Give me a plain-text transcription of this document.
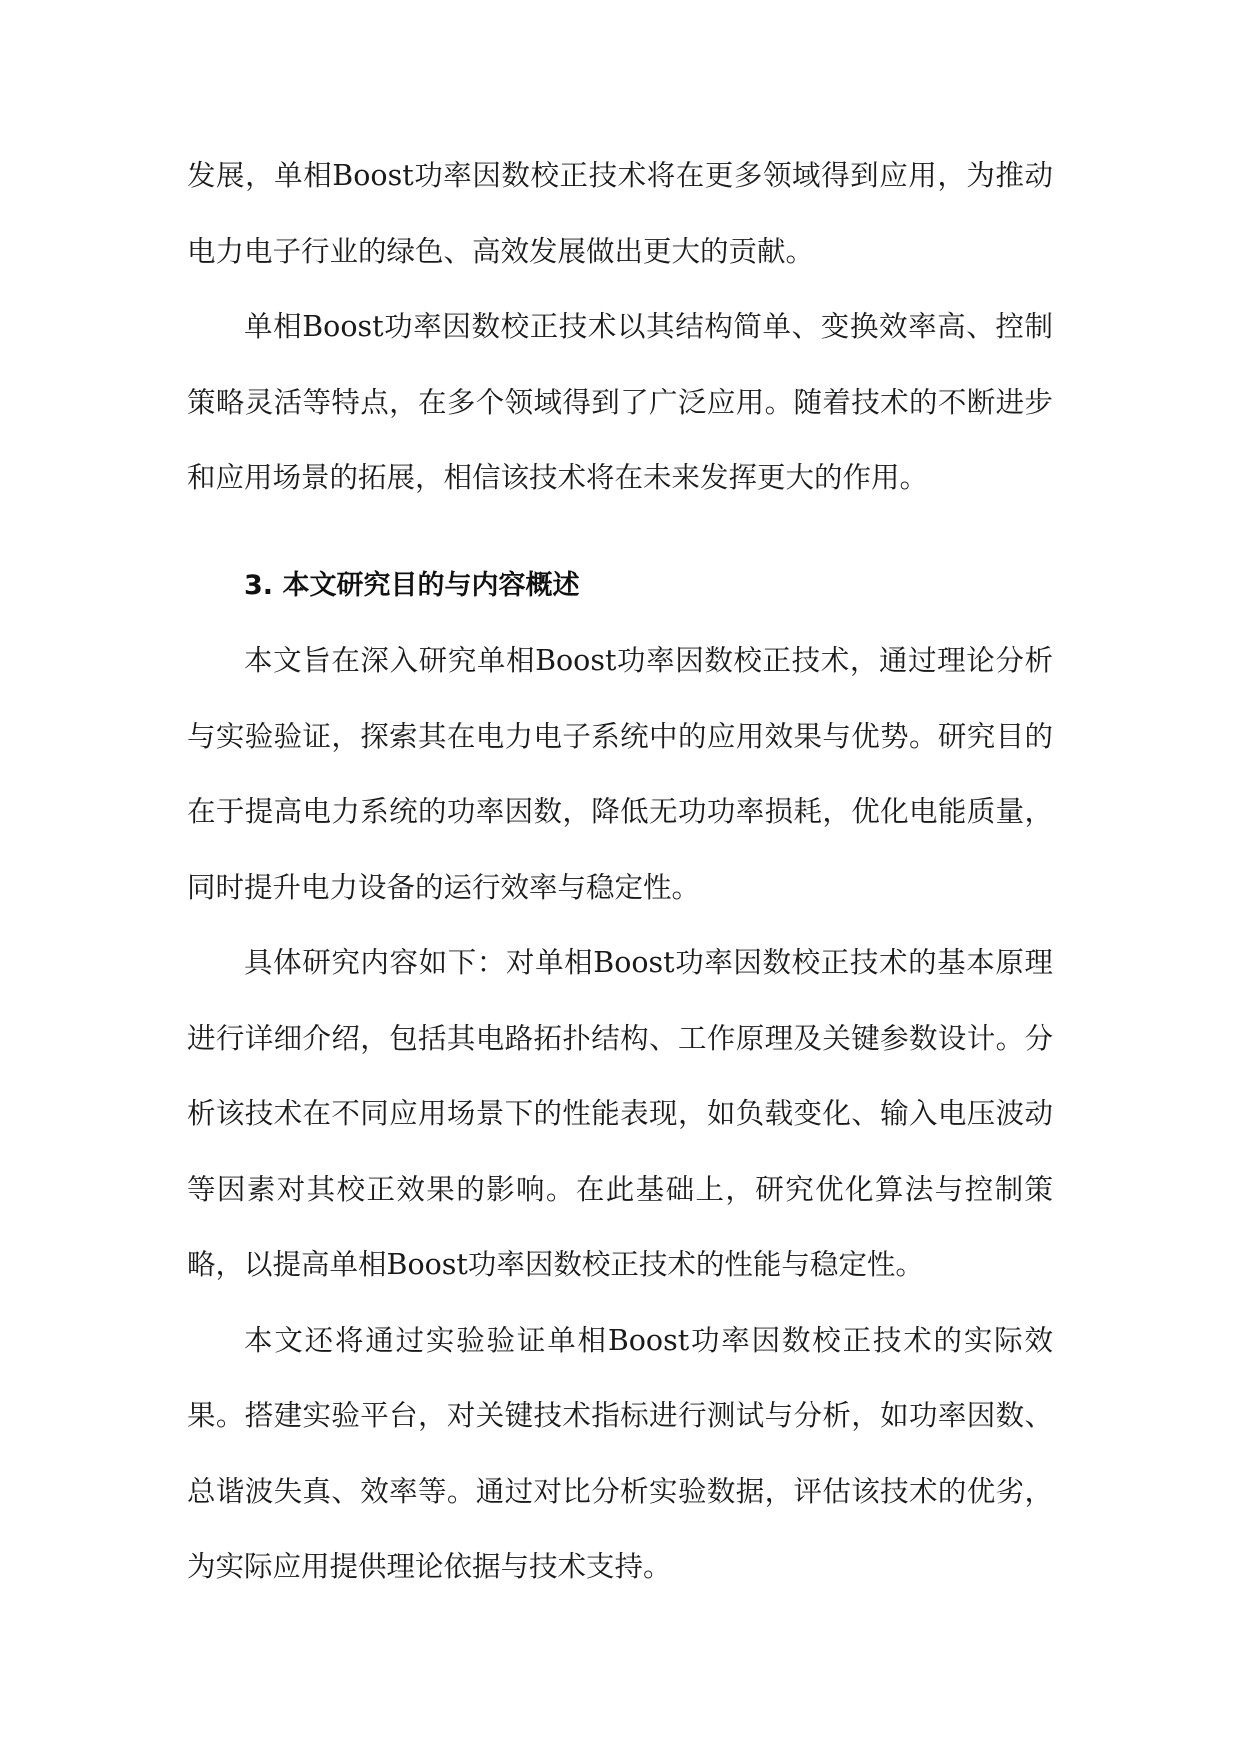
发展，单相Boost功率因数校正技术将在更多领域得到应用，为推动电力电子行业的绿色、高效发展做出更大的贡献。

单相Boost功率因数校正技术以其结构简单、变换效率高、控制策略灵活等特点，在多个领域得到了广泛应用。随着技术的不断进步和应用场景的拓展，相信该技术将在未来发挥更大的作用。

3. 本文研究目的与内容概述

本文旨在深入研究单相Boost功率因数校正技术，通过理论分析与实验验证，探索其在电力电子系统中的应用效果与优势。研究目的在于提高电力系统的功率因数，降低无功功率损耗，优化电能质量，同时提升电力设备的运行效率与稳定性。

具体研究内容如下：对单相Boost功率因数校正技术的基本原理进行详细介绍，包括其电路拓扑结构、工作原理及关键参数设计。分析该技术在不同应用场景下的性能表现，如负载变化、输入电压波动等因素对其校正效果的影响。在此基础上，研究优化算法与控制策略，以提高单相Boost功率因数校正技术的性能与稳定性。

本文还将通过实验验证单相Boost功率因数校正技术的实际效果。搭建实验平台，对关键技术指标进行测试与分析，如功率因数、总谐波失真、效率等。通过对比分析实验数据，评估该技术的优劣，为实际应用提供理论依据与技术支持。
